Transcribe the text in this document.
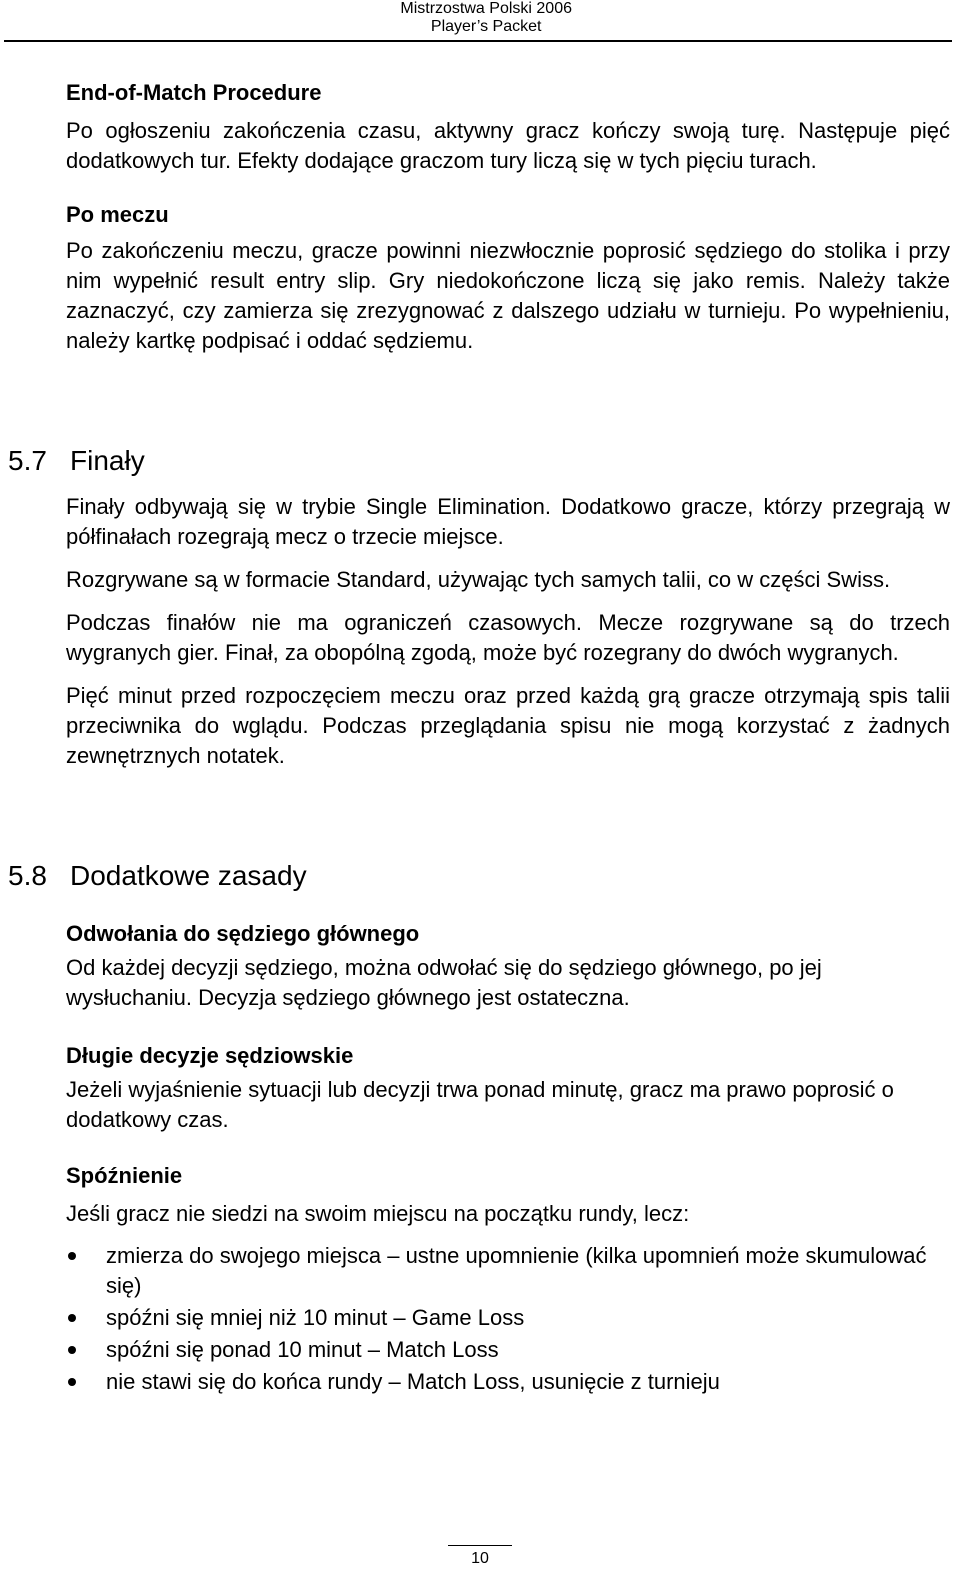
Mistrzostwa Polski 2006
Player’s Packet

End-of-Match Procedure

Po ogłoszeniu zakończenia czasu, aktywny gracz kończy swoją turę. Następuje pięć dodatkowych tur. Efekty dodające graczom tury liczą się w tych pięciu turach.

Po meczu

Po zakończeniu meczu, gracze powinni niezwłocznie poprosić sędziego do stolika i przy nim wypełnić result entry slip. Gry niedokończone liczą się jako remis. Należy także zaznaczyć, czy zamierza się zrezygnować z dalszego udziału w turnieju. Po wypełnieniu, należy kartkę podpisać i oddać sędziemu.

5.7 Finały

Finały odbywają się w trybie Single Elimination. Dodatkowo gracze, którzy przegrają w półfinałach rozegrają mecz o trzecie miejsce.

Rozgrywane są w formacie Standard, używając tych samych talii, co w części Swiss.

Podczas finałów nie ma ograniczeń czasowych. Mecze rozgrywane są do trzech wygranych gier. Finał, za obopólną zgodą, może być rozegrany do dwóch wygranych.

Pięć minut przed rozpoczęciem meczu oraz przed każdą grą gracze otrzymają spis talii przeciwnika do wglądu. Podczas przeglądania spisu nie mogą korzystać z żadnych zewnętrznych notatek.

5.8 Dodatkowe zasady

Odwołania do sędziego głównego

Od każdej decyzji sędziego, można odwołać się do sędziego głównego, po jej wysłuchaniu. Decyzja sędziego głównego jest ostateczna.

Długie decyzje sędziowskie

Jeżeli wyjaśnienie sytuacji lub decyzji trwa ponad minutę, gracz ma prawo poprosić o dodatkowy czas.

Spóźnienie

Jeśli gracz nie siedzi na swoim miejscu na początku rundy, lecz:

zmierza do swojego miejsca – ustne upomnienie (kilka upomnień może skumulować się)
spóźni się mniej niż 10 minut – Game Loss
spóźni się ponad 10 minut – Match Loss
nie stawi się do końca rundy – Match Loss, usunięcie z turnieju
10
